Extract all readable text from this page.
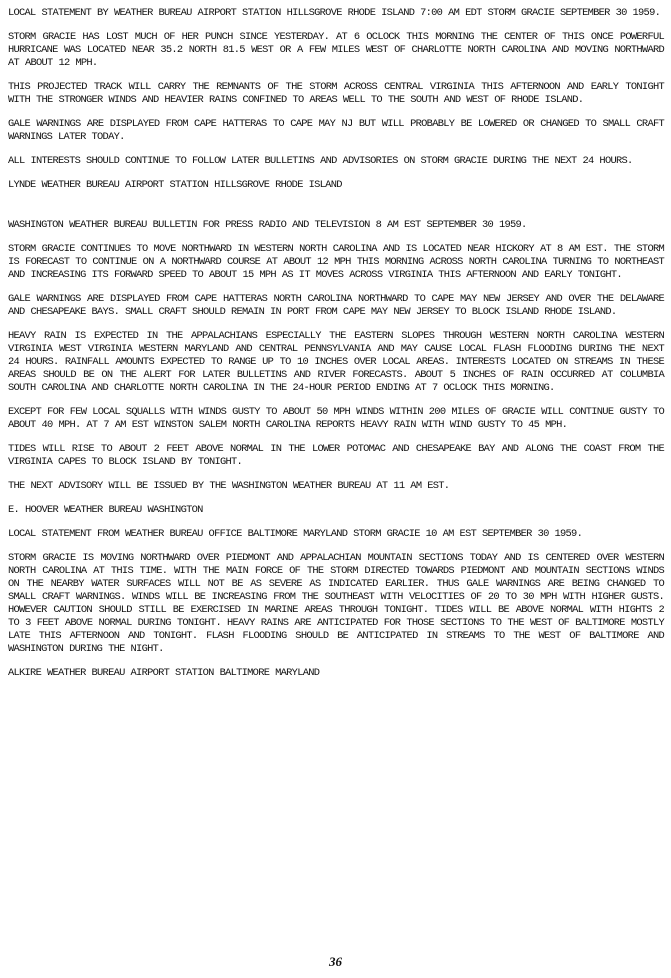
LOCAL STATEMENT BY WEATHER BUREAU AIRPORT STATION HILLSGROVE RHODE ISLAND 7:00 AM EDT STORM GRACIE SEPTEMBER 30 1959.

STORM GRACIE HAS LOST MUCH OF HER PUNCH SINCE YESTERDAY. AT 6 OCLOCK THIS MORNING THE CENTER OF THIS ONCE POWERFUL HURRICANE WAS LOCATED NEAR 35.2 NORTH 81.5 WEST OR A FEW MILES WEST OF CHARLOTTE NORTH CAROLINA AND MOVING NORTHWARD AT ABOUT 12 MPH.

THIS PROJECTED TRACK WILL CARRY THE REMNANTS OF THE STORM ACROSS CENTRAL VIRGINIA THIS AFTERNOON AND EARLY TONIGHT WITH THE STRONGER WINDS AND HEAVIER RAINS CONFINED TO AREAS WELL TO THE SOUTH AND WEST OF RHODE ISLAND.

GALE WARNINGS ARE DISPLAYED FROM CAPE HATTERAS TO CAPE MAY NJ BUT WILL PROBABLY BE LOWERED OR CHANGED TO SMALL CRAFT WARNINGS LATER TODAY.

ALL INTERESTS SHOULD CONTINUE TO FOLLOW LATER BULLETINS AND ADVISORIES ON STORM GRACIE DURING THE NEXT 24 HOURS.

LYNDE WEATHER BUREAU AIRPORT STATION HILLSGROVE RHODE ISLAND

WASHINGTON WEATHER BUREAU BULLETIN FOR PRESS RADIO AND TELEVISION 8 AM EST SEPTEMBER 30 1959.

STORM GRACIE CONTINUES TO MOVE NORTHWARD IN WESTERN NORTH CAROLINA AND IS LOCATED NEAR HICKORY AT 8 AM EST. THE STORM IS FORECAST TO CONTINUE ON A NORTHWARD COURSE AT ABOUT 12 MPH THIS MORNING ACROSS NORTH CAROLINA TURNING TO NORTHEAST AND INCREASING ITS FORWARD SPEED TO ABOUT 15 MPH AS IT MOVES ACROSS VIRGINIA THIS AFTERNOON AND EARLY TONIGHT.

GALE WARNINGS ARE DISPLAYED FROM CAPE HATTERAS NORTH CAROLINA NORTHWARD TO CAPE MAY NEW JERSEY AND OVER THE DELAWARE AND CHESAPEAKE BAYS. SMALL CRAFT SHOULD REMAIN IN PORT FROM CAPE MAY NEW JERSEY TO BLOCK ISLAND RHODE ISLAND.

HEAVY RAIN IS EXPECTED IN THE APPALACHIANS ESPECIALLY THE EASTERN SLOPES THROUGH WESTERN NORTH CAROLINA WESTERN VIRGINIA WEST VIRGINIA WESTERN MARYLAND AND CENTRAL PENNSYLVANIA AND MAY CAUSE LOCAL FLASH FLOODING DURING THE NEXT 24 HOURS. RAINFALL AMOUNTS EXPECTED TO RANGE UP TO 10 INCHES OVER LOCAL AREAS. INTERESTS LOCATED ON STREAMS IN THESE AREAS SHOULD BE ON THE ALERT FOR LATER BULLETINS AND RIVER FORECASTS. ABOUT 5 INCHES OF RAIN OCCURRED AT COLUMBIA SOUTH CAROLINA AND CHARLOTTE NORTH CAROLINA IN THE 24-HOUR PERIOD ENDING AT 7 OCLOCK THIS MORNING.

EXCEPT FOR FEW LOCAL SQUALLS WITH WINDS GUSTY TO ABOUT 50 MPH WINDS WITHIN 200 MILES OF GRACIE WILL CONTINUE GUSTY TO ABOUT 40 MPH. AT 7 AM EST WINSTON SALEM NORTH CAROLINA REPORTS HEAVY RAIN WITH WIND GUSTY TO 45 MPH.

TIDES WILL RISE TO ABOUT 2 FEET ABOVE NORMAL IN THE LOWER POTOMAC AND CHESAPEAKE BAY AND ALONG THE COAST FROM THE VIRGINIA CAPES TO BLOCK ISLAND BY TONIGHT.

THE NEXT ADVISORY WILL BE ISSUED BY THE WASHINGTON WEATHER BUREAU AT 11 AM EST.

E. HOOVER WEATHER BUREAU WASHINGTON

LOCAL STATEMENT FROM WEATHER BUREAU OFFICE BALTIMORE MARYLAND STORM GRACIE 10 AM EST SEPTEMBER 30 1959.

STORM GRACIE IS MOVING NORTHWARD OVER PIEDMONT AND APPALACHIAN MOUNTAIN SECTIONS TODAY AND IS CENTERED OVER WESTERN NORTH CAROLINA AT THIS TIME. WITH THE MAIN FORCE OF THE STORM DIRECTED TOWARDS PIEDMONT AND MOUNTAIN SECTIONS WINDS ON THE NEARBY WATER SURFACES WILL NOT BE AS SEVERE AS INDICATED EARLIER. THUS GALE WARNINGS ARE BEING CHANGED TO SMALL CRAFT WARNINGS. WINDS WILL BE INCREASING FROM THE SOUTHEAST WITH VELOCITIES OF 20 TO 30 MPH WITH HIGHER GUSTS. HOWEVER CAUTION SHOULD STILL BE EXERCISED IN MARINE AREAS THROUGH TONIGHT. TIDES WILL BE ABOVE NORMAL WITH HIGHTS 2 TO 3 FEET ABOVE NORMAL DURING TONIGHT. HEAVY RAINS ARE ANTICIPATED FOR THOSE SECTIONS TO THE WEST OF BALTIMORE MOSTLY LATE THIS AFTERNOON AND TONIGHT. FLASH FLOODING SHOULD BE ANTICIPATED IN STREAMS TO THE WEST OF BALTIMORE AND WASHINGTON DURING THE NIGHT.

ALKIRE WEATHER BUREAU AIRPORT STATION BALTIMORE MARYLAND

36
